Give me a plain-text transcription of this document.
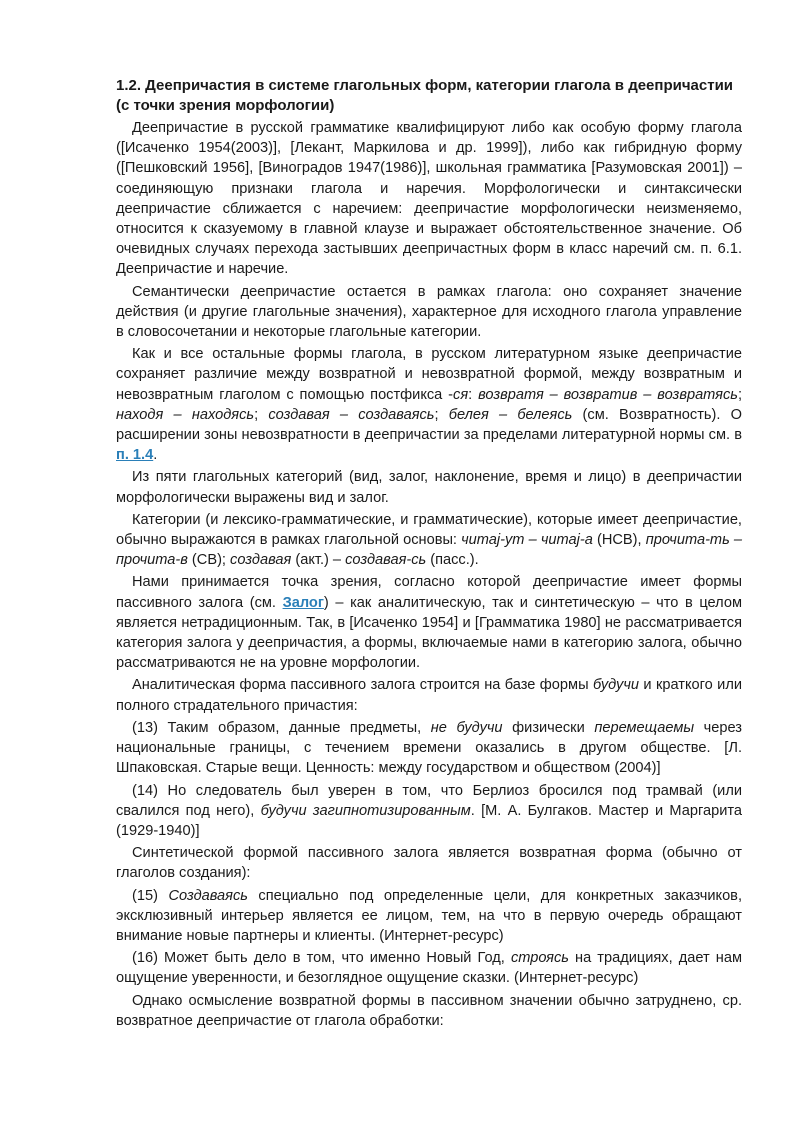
1.2. Деепричастия в системе глагольных форм, категории глагола в деепричастии (с точки зрения морфологии)

Деепричастие в русской грамматике квалифицируют либо как особую форму глагола ([Исаченко 1954(2003)], [Лекант, Маркилова и др. 1999]), либо как гибридную форму ([Пешковский 1956], [Виноградов 1947(1986)], школьная грамматика [Разумовская 2001]) – соединяющую признаки глагола и наречия. Морфологически и синтаксически деепричастие сближается с наречием: деепричастие морфологически неизменяемо, относится к сказуемому в главной клаузе и выражает обстоятельственное значение. Об очевидных случаях перехода застывших деепричастных форм в класс наречий см. п. 6.1. Деепричастие и наречие.

Семантически деепричастие остается в рамках глагола: оно сохраняет значение действия (и другие глагольные значения), характерное для исходного глагола управление в словосочетании и некоторые глагольные категории.

Как и все остальные формы глагола, в русском литературном языке деепричастие сохраняет различие между возвратной и невозвратной формой, между возвратным и невозвратным глаголом с помощью постфикса -ся: возвратя – возвратив – возвратясь; находя – находясь; создавая – создаваясь; белея – белеясь (см. Возвратность). О расширении зоны невозвратности в деепричастии за пределами литературной нормы см. в п. 1.4.

Из пяти глагольных категорий (вид, залог, наклонение, время и лицо) в деепричастии морфологически выражены вид и залог.

Категории (и лексико-грамматические, и грамматические), которые имеет деепричастие, обычно выражаются в рамках глагольной основы: читаj-ут – читаj-а (НСВ), прочита-ть – прочита-в (СВ); создавая (акт.) – создавая-сь (пасс.).

Нами принимается точка зрения, согласно которой деепричастие имеет формы пассивного залога (см. Залог) – как аналитическую, так и синтетическую – что в целом является нетрадиционным. Так, в [Исаченко 1954] и [Грамматика 1980] не рассматривается категория залога у деепричастия, а формы, включаемые нами в категорию залога, обычно рассматриваются не на уровне морфологии.

Аналитическая форма пассивного залога строится на базе формы будучи и краткого или полного страдательного причастия:

(13) Таким образом, данные предметы, не будучи физически перемещаемы через национальные границы, с течением времени оказались в другом обществе. [Л. Шпаковская. Старые вещи. Ценность: между государством и обществом (2004)]

(14) Но следователь был уверен в том, что Берлиоз бросился под трамвай (или свалился под него), будучи загипнотизированным. [М. А. Булгаков. Мастер и Маргарита (1929-1940)]

Синтетической формой пассивного залога является возвратная форма (обычно от глаголов создания):

(15) Создаваясь специально под определенные цели, для конкретных заказчиков, эксклюзивный интерьер является ее лицом, тем, на что в первую очередь обращают внимание новые партнеры и клиенты. (Интернет-ресурс)

(16) Может быть дело в том, что именно Новый Год, строясь на традициях, дает нам ощущение уверенности, и безоглядное ощущение сказки. (Интернет-ресурс)

Однако осмысление возвратной формы в пассивном значении обычно затруднено, ср. возвратное деепричастие от глагола обработки:
